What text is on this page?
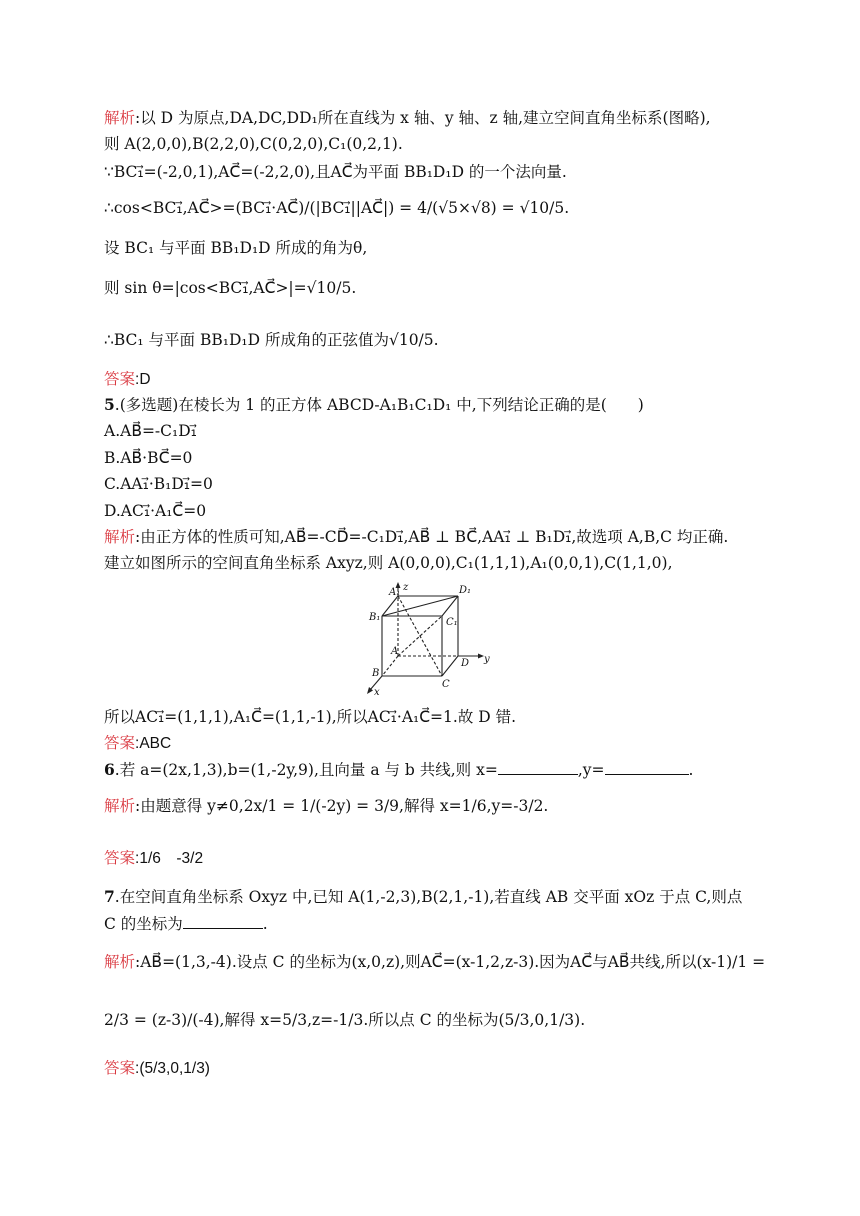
解析:以 D 为原点,DA,DC,DD₁所在直线为 x 轴、y 轴、z 轴,建立空间直角坐标系(图略),
则 A(2,0,0),B(2,2,0),C(0,2,0),C₁(0,2,1).
∵BC₁⃗=(-2,0,1),AC⃗=(-2,2,0),且AC⃗为平面 BB₁D₁D 的一个法向量.
∴cos<BC₁⃗,AC⃗>=(BC₁⃗·AC⃗)/(|BC₁⃗||AC⃗|) = 4/(√5×√8) = √10/5.
设 BC₁ 与平面 BB₁D₁D 所成的角为θ,
则 sin θ=|cos<BC₁⃗,AC⃗>|=√10/5.
∴BC₁ 与平面 BB₁D₁D 所成角的正弦值为√10/5.
答案:D
5.(多选题)在棱长为 1 的正方体 ABCD-A₁B₁C₁D₁ 中,下列结论正确的是(　　)
A.AB⃗=-C₁D₁⃗
B.AB⃗·BC⃗=0
C.AA₁⃗·B₁D₁⃗=0
D.AC₁⃗·A₁C⃗=0
解析:由正方体的性质可知,AB⃗=-CD⃗=-C₁D₁⃗,AB⃗ ⊥ BC⃗,AA₁⃗ ⊥ B₁D₁⃗,故选项 A,B,C 均正确.
建立如图所示的空间直角坐标系 Axyz,则 A(0,0,0),C₁(1,1,1),A₁(0,0,1),C(1,1,0),
z
y
x
A₁	D₁
B₁	C₁
A
D
B
C
所以AC₁⃗=(1,1,1),A₁C⃗=(1,1,-1),所以AC₁⃗·A₁C⃗=1.故 D 错.
答案:ABC
6.若 a=(2x,1,3),b=(1,-2y,9),且向量 a 与 b 共线,则 x=	,y=	.
解析:由题意得 y≠0,2x/1 = 1/(-2y) = 3/9,解得 x=1/6,y=-3/2.
答案:1/6　-3/2
7.在空间直角坐标系 Oxyz 中,已知 A(1,-2,3),B(2,1,-1),若直线 AB 交平面 xOz 于点 C,则点
C 的坐标为	.
解析:AB⃗=(1,3,-4).设点 C 的坐标为(x,0,z),则AC⃗=(x-1,2,z-3).因为AC⃗与AB⃗共线,所以(x-1)/1 =
2/3 = (z-3)/(-4),解得 x=5/3,z=-1/3.所以点 C 的坐标为(5/3,0,1/3).
答案:(5/3,0,1/3)
